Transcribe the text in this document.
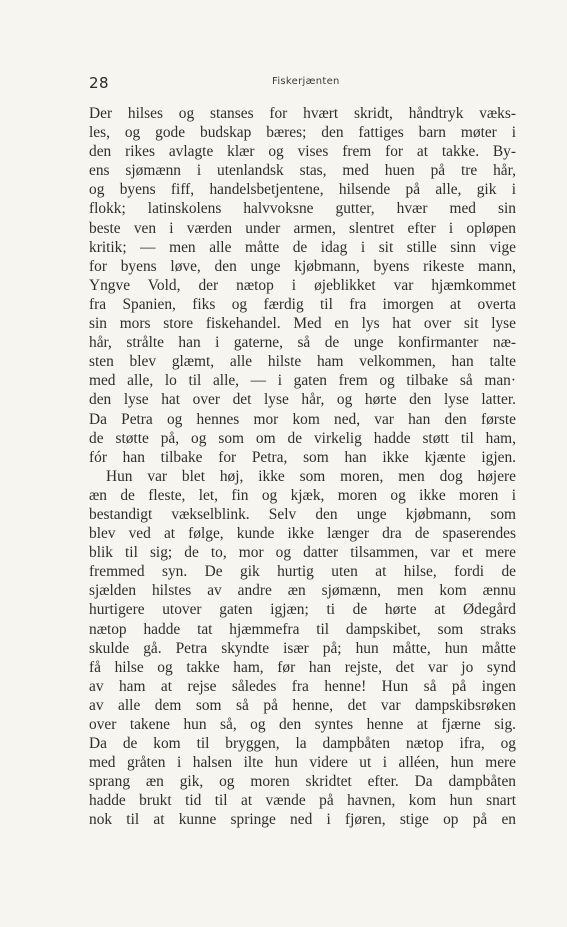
28	Fiskerjænten
Der hilses og stanses for hvært skridt, håndtryk væks-
les, og gode budskap bæres; den fattiges barn møter i
den rikes avlagte klær og vises frem for at takke. By-
ens sjømænn i utenlandsk stas, med huen på tre hår,
og byens fiff, handelsbetjentene, hilsende på alle, gik i
flokk; latinskolens halvvoksne gutter, hvær med sin
beste ven i værden under armen, slentret efter i opløpen
kritik; — men alle måtte de idag i sit stille sinn vige
for byens løve, den unge kjøbmann, byens rikeste mann,
Yngve Vold, der nætop i øjeblikket var hjæmkommet
fra Spanien, fiks og færdig til fra imorgen at overta
sin mors store fiskehandel. Med en lys hat over sit lyse
hår, strålte han i gaterne, så de unge konfirmanter næ-
sten blev glæmt, alle hilste ham velkommen, han talte
med alle, lo til alle, — i gaten frem og tilbake så man·
den lyse hat over det lyse hår, og hørte den lyse latter.
Da Petra og hennes mor kom ned, var han den første
de støtte på, og som om de virkelig hadde støtt til ham,
fór han tilbake for Petra, som han ikke kjænte igjen.
Hun var blet høj, ikke som moren, men dog højere
æn de fleste, let, fin og kjæk, moren og ikke moren i
bestandigt vækselblink. Selv den unge kjøbmann, som
blev ved at følge, kunde ikke længer dra de spaserendes
blik til sig; de to, mor og datter tilsammen, var et mere
fremmed syn. De gik hurtig uten at hilse, fordi de
sjælden hilstes av andre æn sjømænn, men kom ænnu
hurtigere utover gaten igjæn; ti de hørte at Ødegård
nætop hadde tat hjæmmefra til dampskibet, som straks
skulde gå. Petra skyndte især på; hun måtte, hun måtte
få hilse og takke ham, før han rejste, det var jo synd
av ham at rejse således fra henne! Hun så på ingen
av alle dem som så på henne, det var dampskibsrøken
over takene hun så, og den syntes henne at fjærne sig.
Da de kom til bryggen, la dampbåten nætop ifra, og
med gråten i halsen ilte hun videre ut i alléen, hun mere
sprang æn gik, og moren skridtet efter. Da dampbåten
hadde brukt tid til at vænde på havnen, kom hun snart
nok til at kunne springe ned i fjøren, stige op på en
